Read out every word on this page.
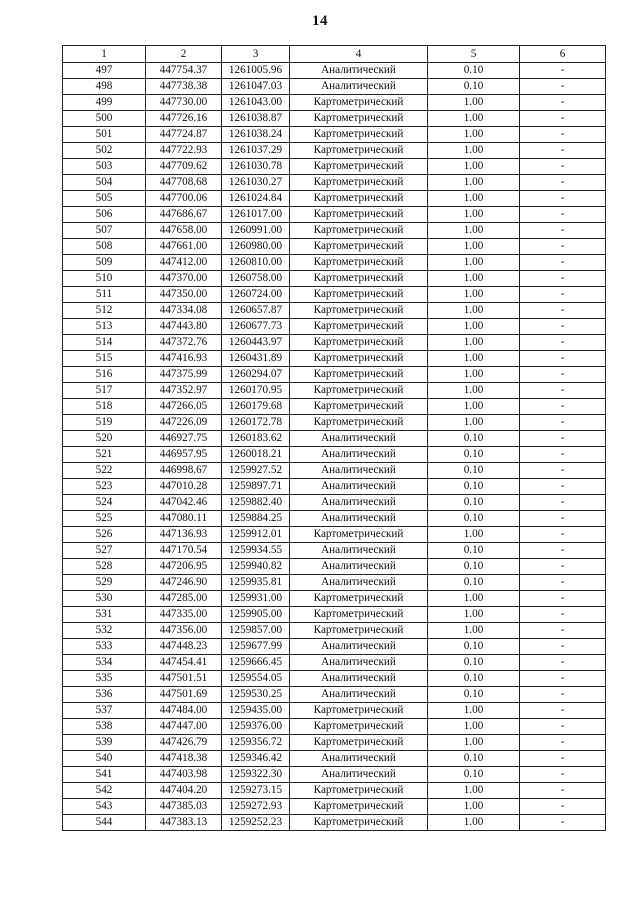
14
1	2	3	4	5	6
497	447754.37	1261005.96	Аналитический	0.10	-
498	447738.38	1261047.03	Аналитический	0.10	-
499	447730.00	1261043.00	Картометрический	1.00	-
500	447726.16	1261038.87	Картометрический	1.00	-
501	447724.87	1261038.24	Картометрический	1.00	-
502	447722.93	1261037.29	Картометрический	1.00	-
503	447709.62	1261030.78	Картометрический	1.00	-
504	447708.68	1261030.27	Картометрический	1.00	-
505	447700.06	1261024.84	Картометрический	1.00	-
506	447686.67	1261017.00	Картометрический	1.00	-
507	447658.00	1260991.00	Картометрический	1.00	-
508	447661.00	1260980.00	Картометрический	1.00	-
509	447412.00	1260810.00	Картометрический	1.00	-
510	447370.00	1260758.00	Картометрический	1.00	-
511	447350.00	1260724.00	Картометрический	1.00	-
512	447334.08	1260657.87	Картометрический	1.00	-
513	447443.80	1260677.73	Картометрический	1.00	-
514	447372.76	1260443.97	Картометрический	1.00	-
515	447416.93	1260431.89	Картометрический	1.00	-
516	447375.99	1260294.07	Картометрический	1.00	-
517	447352.97	1260170.95	Картометрический	1.00	-
518	447266.05	1260179.68	Картометрический	1.00	-
519	447226.09	1260172.78	Картометрический	1.00	-
520	446927.75	1260183.62	Аналитический	0.10	-
521	446957.95	1260018.21	Аналитический	0.10	-
522	446998.67	1259927.52	Аналитический	0.10	-
523	447010.28	1259897.71	Аналитический	0.10	-
524	447042.46	1259882.40	Аналитический	0.10	-
525	447080.11	1259884.25	Аналитический	0.10	-
526	447136.93	1259912.01	Картометрический	1.00	-
527	447170.54	1259934.55	Аналитический	0.10	-
528	447206.95	1259940.82	Аналитический	0.10	-
529	447246.90	1259935.81	Аналитический	0.10	-
530	447285.00	1259931.00	Картометрический	1.00	-
531	447335.00	1259905.00	Картометрический	1.00	-
532	447356.00	1259857.00	Картометрический	1.00	-
533	447448.23	1259677.99	Аналитический	0.10	-
534	447454.41	1259666.45	Аналитический	0.10	-
535	447501.51	1259554.05	Аналитический	0.10	-
536	447501.69	1259530.25	Аналитический	0.10	-
537	447484.00	1259435.00	Картометрический	1.00	-
538	447447.00	1259376.00	Картометрический	1.00	-
539	447426.79	1259356.72	Картометрический	1.00	-
540	447418.38	1259346.42	Аналитический	0.10	-
541	447403.98	1259322.30	Аналитический	0.10	-
542	447404.20	1259273.15	Картометрический	1.00	-
543	447385.03	1259272.93	Картометрический	1.00	-
544	447383.13	1259252.23	Картометрический	1.00	-
